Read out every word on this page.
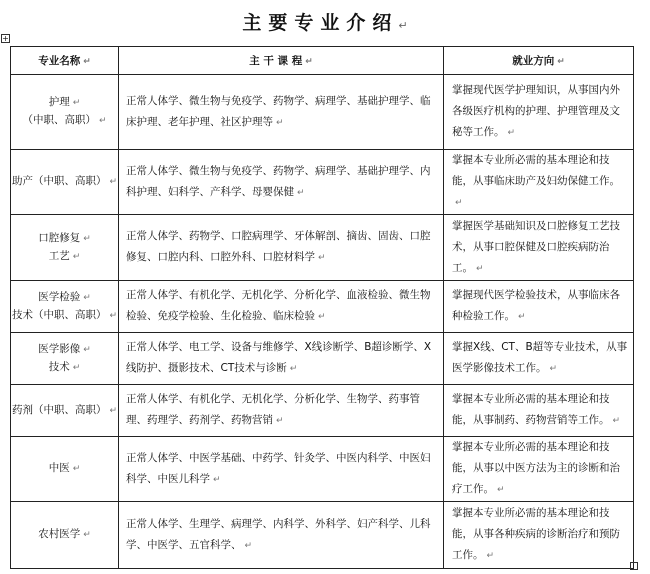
主要专业介绍↵
+
专业名称 ↵	主 干 课 程 ↵	就业方向 ↵
护理 ↵
（中职、高职） ↵	正常人体学、微生物与免疫学、药物学、病理学、基础护理学、临床护理、老年护理、社区护理等 ↵	掌握现代医学护理知识，从事国内外各级医疗机构的护理、护理管理及文秘等工作。 ↵
助产（中职、高职） ↵	正常人体学、微生物与免疫学、药物学、病理学、基础护理学、内科护理、妇科学、产科学、母婴保健 ↵	掌握本专业所必需的基本理论和技能，从事临床助产及妇幼保健工作。↵
口腔修复 ↵
工艺 ↵	正常人体学、药物学、口腔病理学、牙体解剖、摘齿、固齿、口腔修复、口腔内科、口腔外科、口腔材料学 ↵	掌握医学基础知识及口腔修复工艺技术，从事口腔保健及口腔疾病防治工。 ↵
医学检验 ↵
技术（中职、高职） ↵	正常人体学、有机化学、无机化学、分析化学、血液检验、微生物检验、免疫学检验、生化检验、临床检验 ↵	掌握现代医学检验技术，从事临床各种检验工作。 ↵
医学影像 ↵
技术 ↵	正常人体学、电工学、设备与维修学、X线诊断学、B超诊断学、X线防护、摄影技术、CT技术与诊断 ↵	掌握X线、CT、B超等专业技术，从事医学影像技术工作。 ↵
药剂（中职、高职） ↵	正常人体学、有机化学、无机化学、分析化学、生物学、药事管理、药理学、药剂学、药物营销 ↵	掌握本专业所必需的基本理论和技能，从事制药、药物营销等工作。 ↵
中医 ↵	正常人体学、中医学基础、中药学、针灸学、中医内科学、中医妇科学、中医儿科学 ↵	掌握本专业所必需的基本理论和技能，从事以中医方法为主的诊断和治疗工作。 ↵
农村医学 ↵	正常人体学、生理学、病理学、内科学、外科学、妇产科学、儿科学、中医学、五官科学、 ↵	掌握本专业所必需的基本理论和技能，从事各种疾病的诊断治疗和预防工作。 ↵
